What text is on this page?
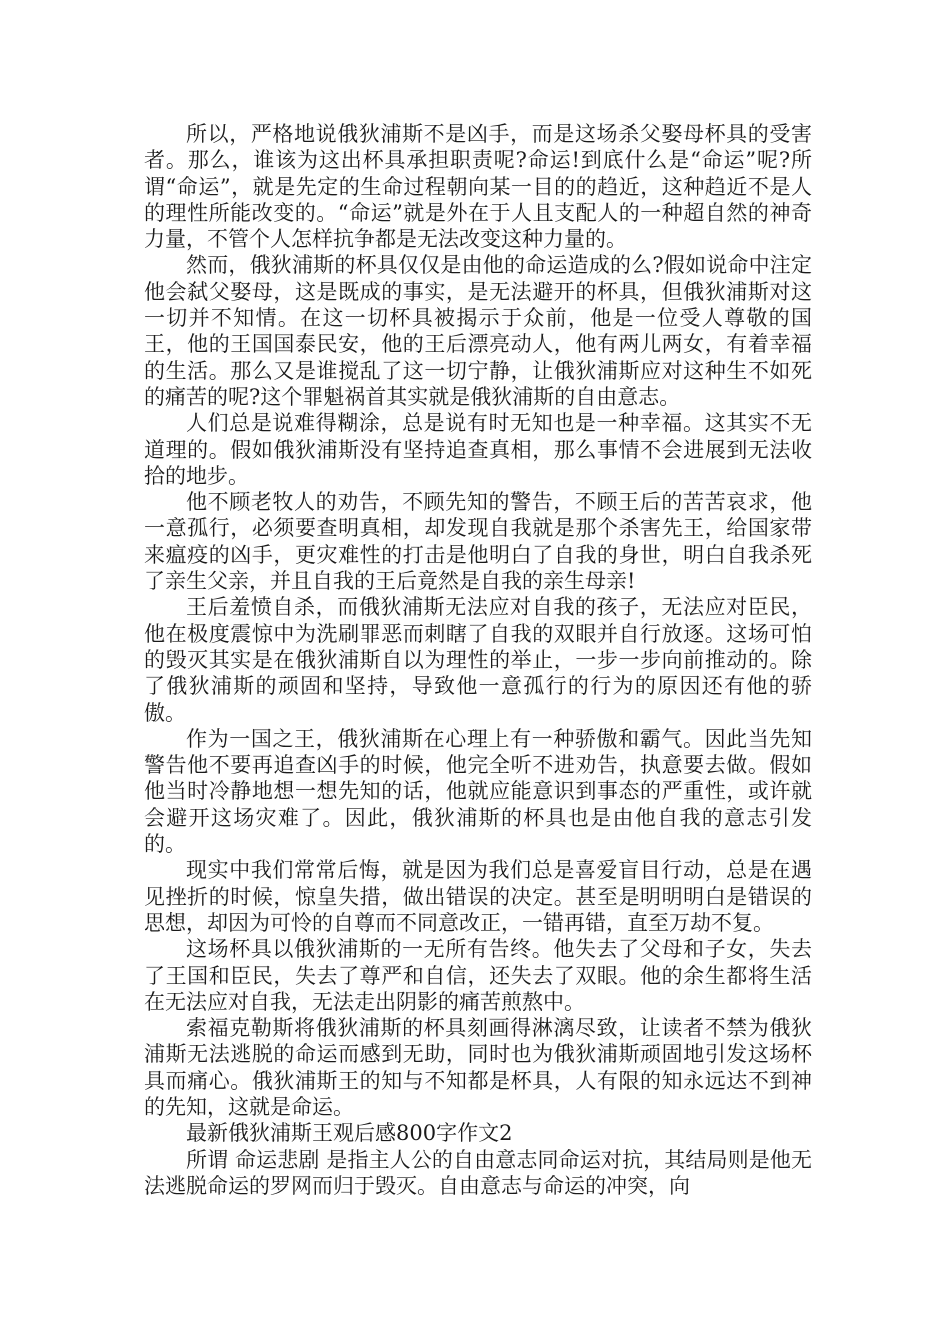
所以，严格地说俄狄浦斯不是凶手，而是这场杀父娶母杯具的受害者。那么，谁该为这出杯具承担职责呢?命运!到底什么是“命运”呢?所谓“命运”，就是先定的生命过程朝向某一目的的趋近，这种趋近不是人的理性所能改变的。“命运”就是外在于人且支配人的一种超自然的神奇力量，不管个人怎样抗争都是无法改变这种力量的。

然而，俄狄浦斯的杯具仅仅是由他的命运造成的么?假如说命中注定他会弑父娶母，这是既成的事实，是无法避开的杯具，但俄狄浦斯对这一切并不知情。在这一切杯具被揭示于众前，他是一位受人尊敬的国王，他的王国国泰民安，他的王后漂亮动人，他有两儿两女，有着幸福的生活。那么又是谁搅乱了这一切宁静，让俄狄浦斯应对这种生不如死的痛苦的呢?这个罪魁祸首其实就是俄狄浦斯的自由意志。

人们总是说难得糊涂，总是说有时无知也是一种幸福。这其实不无道理的。假如俄狄浦斯没有坚持追查真相，那么事情不会进展到无法收拾的地步。

他不顾老牧人的劝告，不顾先知的警告，不顾王后的苦苦哀求，他一意孤行，必须要查明真相，却发现自我就是那个杀害先王，给国家带来瘟疫的凶手，更灾难性的打击是他明白了自我的身世，明白自我杀死了亲生父亲，并且自我的王后竟然是自我的亲生母亲!

王后羞愤自杀，而俄狄浦斯无法应对自我的孩子，无法应对臣民，他在极度震惊中为洗刷罪恶而刺瞎了自我的双眼并自行放逐。这场可怕的毁灭其实是在俄狄浦斯自以为理性的举止，一步一步向前推动的。除了俄狄浦斯的顽固和坚持，导致他一意孤行的行为的原因还有他的骄傲。

作为一国之王，俄狄浦斯在心理上有一种骄傲和霸气。因此当先知警告他不要再追查凶手的时候，他完全听不进劝告，执意要去做。假如他当时冷静地想一想先知的话，他就应能意识到事态的严重性，或许就会避开这场灾难了。因此，俄狄浦斯的杯具也是由他自我的意志引发的。

现实中我们常常后悔，就是因为我们总是喜爱盲目行动，总是在遇见挫折的时候，惊皇失措，做出错误的决定。甚至是明明明白是错误的思想，却因为可怜的自尊而不同意改正，一错再错，直至万劫不复。

这场杯具以俄狄浦斯的一无所有告终。他失去了父母和子女，失去了王国和臣民，失去了尊严和自信，还失去了双眼。他的余生都将生活在无法应对自我，无法走出阴影的痛苦煎熬中。

索福克勒斯将俄狄浦斯的杯具刻画得淋漓尽致，让读者不禁为俄狄浦斯无法逃脱的命运而感到无助，同时也为俄狄浦斯顽固地引发这场杯具而痛心。俄狄浦斯王的知与不知都是杯具，人有限的知永远达不到神的先知，这就是命运。

最新俄狄浦斯王观后感800字作文2

所谓 命运悲剧 是指主人公的自由意志同命运对抗，其结局则是他无法逃脱命运的罗网而归于毁灭。自由意志与命运的冲突，向
